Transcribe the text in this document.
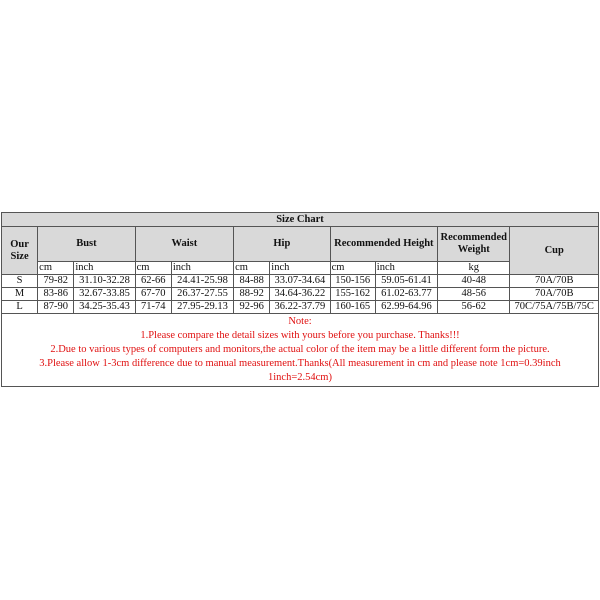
Size Chart										
Our Size	Bust		Waist		Hip		Recommended Height		Recommended Weight	Cup
	cm	inch	cm	inch	cm	inch	cm	inch	kg	
S	79-82	31.10-32.28	62-66	24.41-25.98	84-88	33.07-34.64	150-156	59.05-61.41	40-48	70A/70B
M	83-86	32.67-33.85	67-70	26.37-27.55	88-92	34.64-36.22	155-162	61.02-63.77	48-56	70A/70B
L	87-90	34.25-35.43	71-74	27.95-29.13	92-96	36.22-37.79	160-165	62.99-64.96	56-62	70C/75A/75B/75C

Note:
1.Please compare the detail sizes with yours before you purchase. Thanks!!!
2.Due to various types of computers and monitors,the actual color of the item may be a little different form the picture.
3.Please allow 1-3cm difference due to manual measurement.Thanks(All measurement in cm and please note 1cm=0.39inch 1inch=2.54cm)										
